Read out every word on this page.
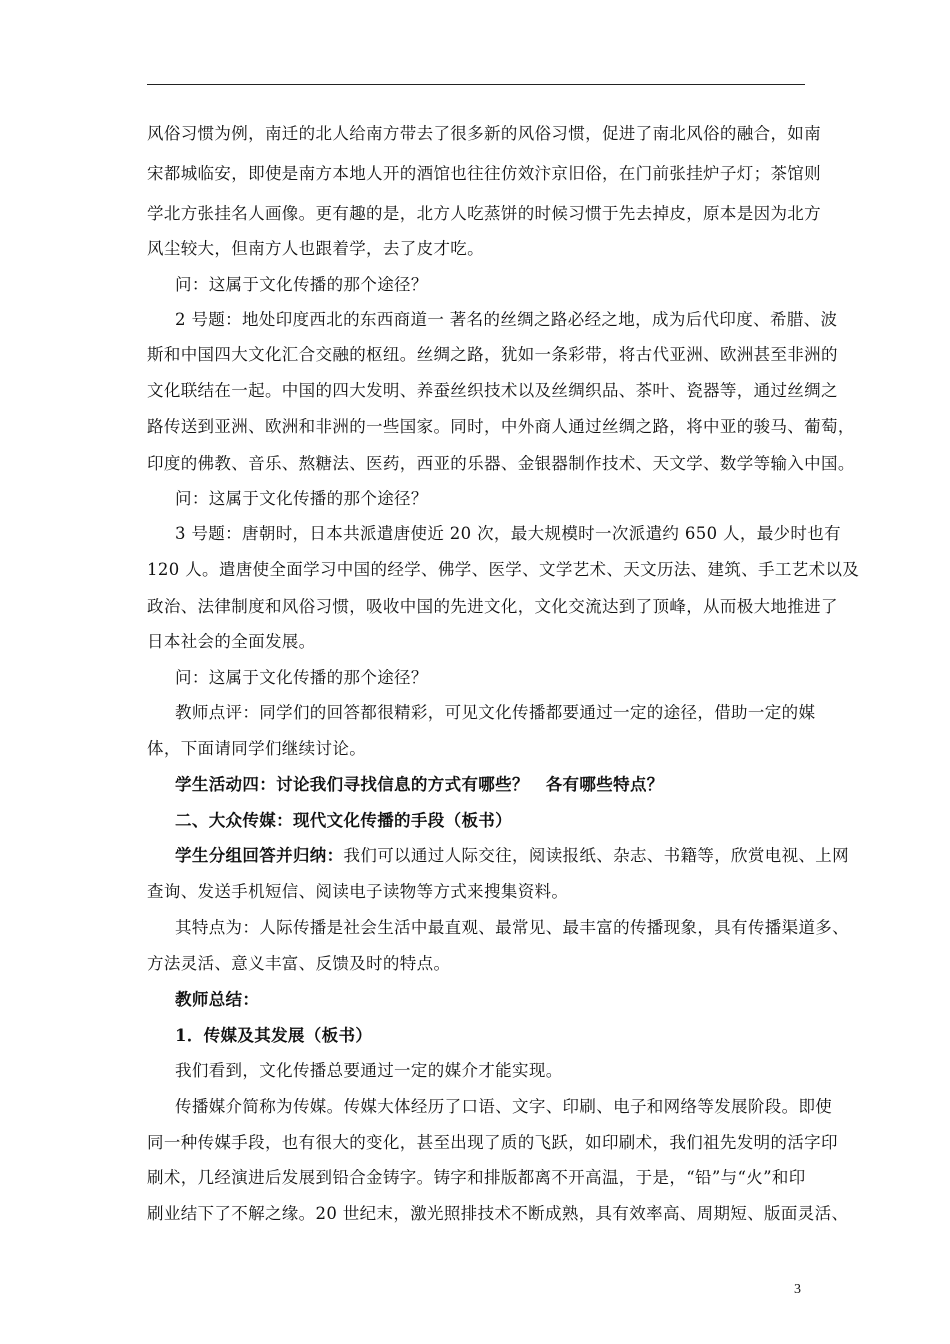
风俗习惯为例，南迁的北人给南方带去了很多新的风俗习惯，促进了南北风俗的融合，如南
宋都城临安，即使是南方本地人开的酒馆也往往仿效汴京旧俗，在门前张挂炉子灯；茶馆则
学北方张挂名人画像。更有趣的是，北方人吃蒸饼的时候习惯于先去掉皮，原本是因为北方
风尘较大，但南方人也跟着学，去了皮才吃。
问：这属于文化传播的那个途径？
2 号题：地处印度西北的东西商道一 著名的丝绸之路必经之地，成为后代印度、希腊、波
斯和中国四大文化汇合交融的枢纽。丝绸之路，犹如一条彩带，将古代亚洲、欧洲甚至非洲的
文化联结在一起。中国的四大发明、养蚕丝织技术以及丝绸织品、茶叶、瓷器等，通过丝绸之
路传送到亚洲、欧洲和非洲的一些国家。同时，中外商人通过丝绸之路，将中亚的骏马、葡萄，
印度的佛教、音乐、熬糖法、医药，西亚的乐器、金银器制作技术、天文学、数学等输入中国。
问：这属于文化传播的那个途径？
3 号题：唐朝时，日本共派遣唐使近 20 次，最大规模时一次派遣约 650 人，最少时也有
120 人。遣唐使全面学习中国的经学、佛学、医学、文学艺术、天文历法、建筑、手工艺术以及
政治、法律制度和风俗习惯，吸收中国的先进文化，文化交流达到了顶峰，从而极大地推进了
日本社会的全面发展。
问：这属于文化传播的那个途径？
教师点评：同学们的回答都很精彩，可见文化传播都要通过一定的途径，借助一定的媒
体，下面请同学们继续讨论。
学生活动四：讨论我们寻找信息的方式有哪些？　各有哪些特点？
二、大众传媒：现代文化传播的手段（板书）
学生分组回答并归纳：我们可以通过人际交往，阅读报纸、杂志、书籍等，欣赏电视、上网
查询、发送手机短信、阅读电子读物等方式来搜集资料。
其特点为：人际传播是社会生活中最直观、最常见、最丰富的传播现象，具有传播渠道多、
方法灵活、意义丰富、反馈及时的特点。
教师总结：
1．传媒及其发展（板书）
我们看到，文化传播总要通过一定的媒介才能实现。
传播媒介简称为传媒。传媒大体经历了口语、文字、印刷、电子和网络等发展阶段。即使
同一种传媒手段，也有很大的变化，甚至出现了质的飞跃，如印刷术，我们祖先发明的活字印
刷术，几经演进后发展到铅合金铸字。铸字和排版都离不开高温，于是，“铅”与“火”和印
刷业结下了不解之缘。20 世纪末，激光照排技术不断成熟，具有效率高、周期短、版面灵活、
3
